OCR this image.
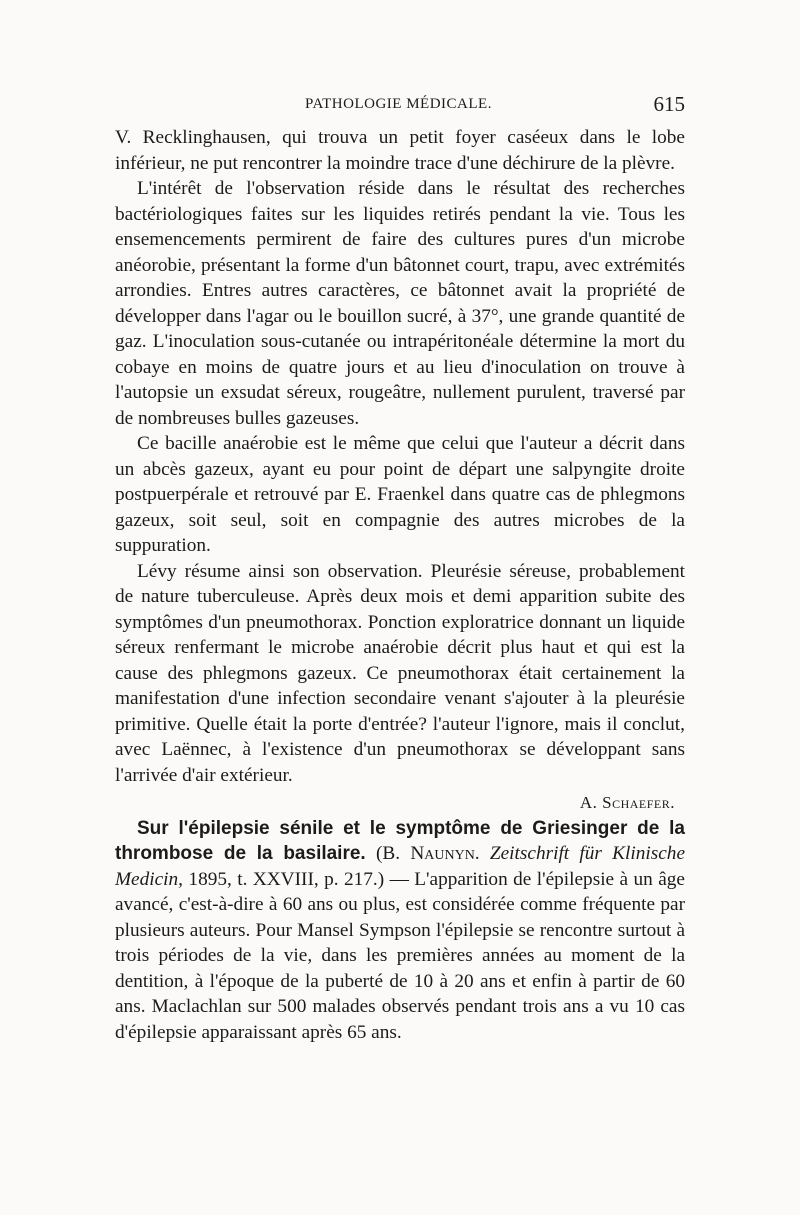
PATHOLOGIE MÉDICALE.	615

V. Recklinghausen, qui trouva un petit foyer caséeux dans le lobe inférieur, ne put rencontrer la moindre trace d'une déchirure de la plèvre.

L'intérêt de l'observation réside dans le résultat des recherches bactériologiques faites sur les liquides retirés pendant la vie. Tous les ensemencements permirent de faire des cultures pures d'un microbe anéorobie, présentant la forme d'un bâtonnet court, trapu, avec extrémités arrondies. Entres autres caractères, ce bâtonnet avait la propriété de développer dans l'agar ou le bouillon sucré, à 37°, une grande quantité de gaz. L'inoculation sous-cutanée ou intrapéritonéale détermine la mort du cobaye en moins de quatre jours et au lieu d'inoculation on trouve à l'autopsie un exsudat séreux, rougeâtre, nullement purulent, traversé par de nombreuses bulles gazeuses.

Ce bacille anaérobie est le même que celui que l'auteur a décrit dans un abcès gazeux, ayant eu pour point de départ une salpyngite droite postpuerpérale et retrouvé par E. Fraenkel dans quatre cas de phlegmons gazeux, soit seul, soit en compagnie des autres microbes de la suppuration.

Lévy résume ainsi son observation. Pleurésie séreuse, probablement de nature tuberculeuse. Après deux mois et demi apparition subite des symptômes d'un pneumothorax. Ponction exploratrice donnant un liquide séreux renfermant le microbe anaérobie décrit plus haut et qui est la cause des phlegmons gazeux. Ce pneumothorax était certainement la manifestation d'une infection secondaire venant s'ajouter à la pleurésie primitive. Quelle était la porte d'entrée? l'auteur l'ignore, mais il conclut, avec Laënnec, à l'existence d'un pneumothorax se développant sans l'arrivée d'air extérieur.

A. Schaefer.

Sur l'épilepsie sénile et le symptôme de Griesinger de la thrombose de la basilaire. (B. Naunyn. Zeitschrift für Klinische Medicin, 1895, t. XXVIII, p. 217.) — L'apparition de l'épilepsie à un âge avancé, c'est-à-dire à 60 ans ou plus, est considérée comme fréquente par plusieurs auteurs. Pour Mansel Sympson l'épilepsie se rencontre surtout à trois périodes de la vie, dans les premières années au moment de la dentition, à l'époque de la puberté de 10 à 20 ans et enfin à partir de 60 ans. Maclachlan sur 500 malades observés pendant trois ans a vu 10 cas d'épilepsie apparaissant après 65 ans.
